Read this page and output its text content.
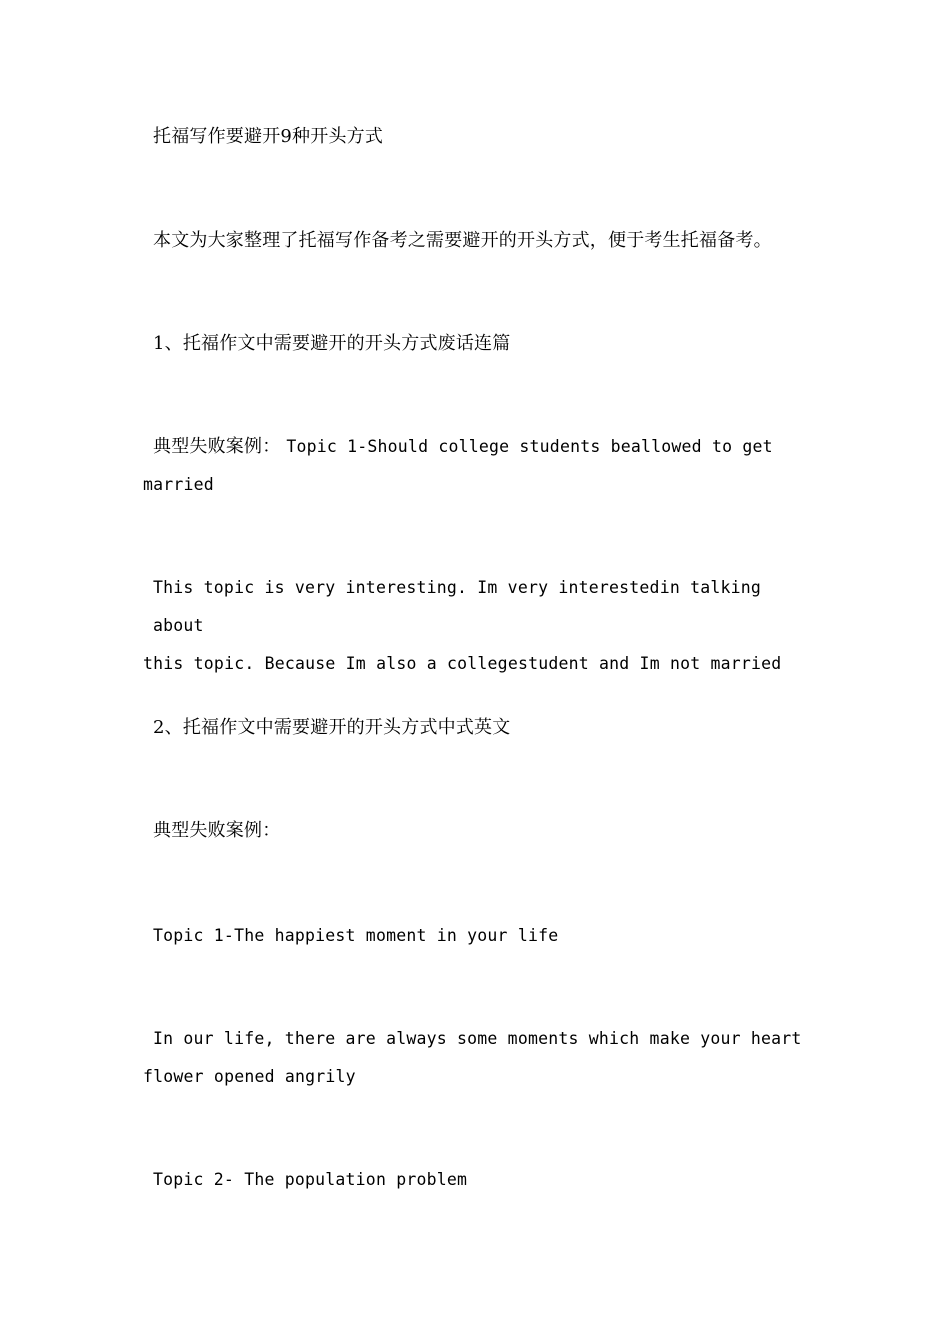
托福写作要避开9种开头方式
本文为大家整理了托福写作备考之需要避开的开头方式，便于考生托福备考。
1、托福作文中需要避开的开头方式废话连篇
典型失败案例： Topic 1-Should college students beallowed to get
married
This topic is very interesting. Im very interestedin talking about
this topic. Because Im also a collegestudent and Im not married
2、托福作文中需要避开的开头方式中式英文
典型失败案例：
Topic 1-The happiest moment in your life
In our life, there are always some moments which make your heart
flower opened angrily
Topic 2- The population problem
